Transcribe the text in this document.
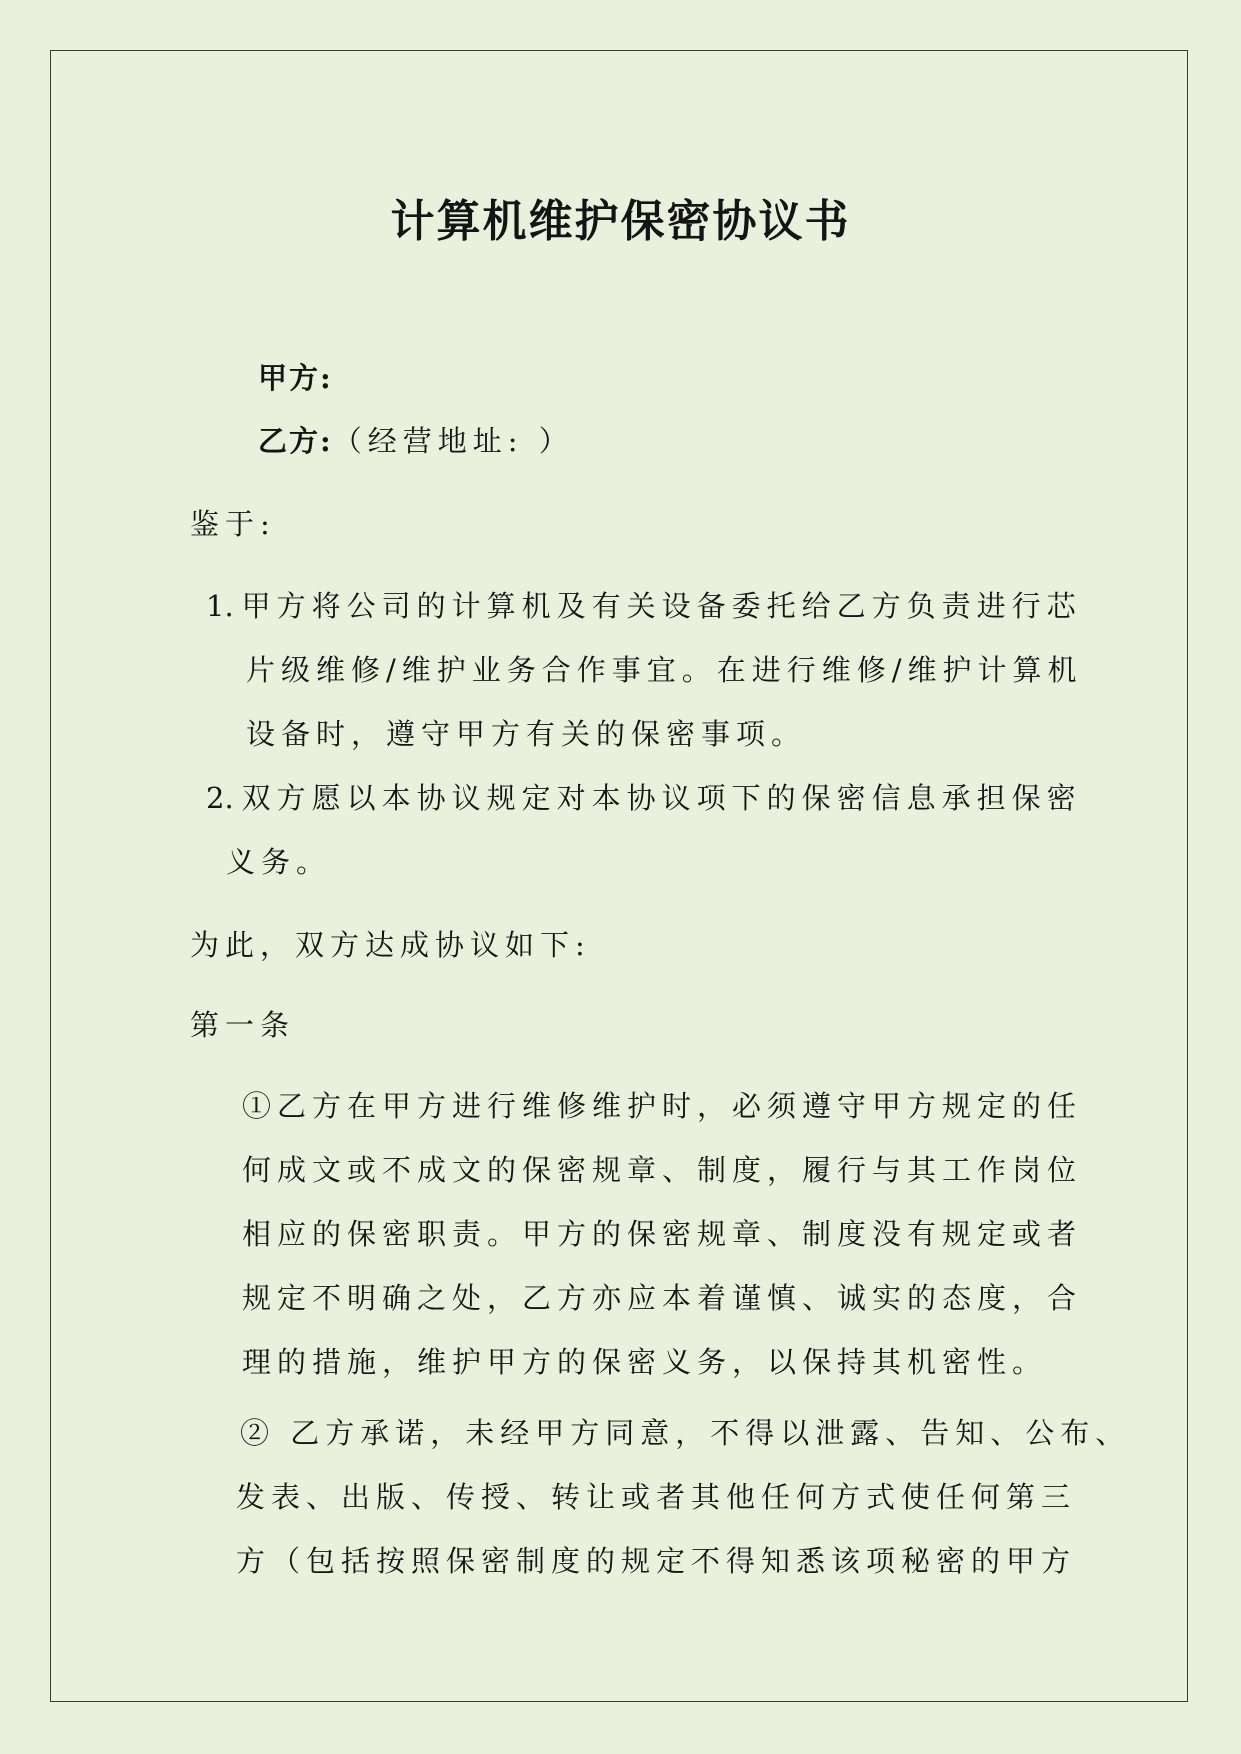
计算机维护保密协议书
甲方:
乙方:（经营地址: ）
鉴于:
1. 甲方将公司的计算机及有关设备委托给乙方负责进行芯
片级维修/维护业务合作事宜。在进行维修/维护计算机
设备时，遵守甲方有关的保密事项。
2. 双方愿以本协议规定对本协议项下的保密信息承担保密
义务。
为此，双方达成协议如下:
第一条
①乙方在甲方进行维修维护时，必须遵守甲方规定的任
何成文或不成文的保密规章、制度，履行与其工作岗位
相应的保密职责。甲方的保密规章、制度没有规定或者
规定不明确之处，乙方亦应本着谨慎、诚实的态度，合
理的措施，维护甲方的保密义务，以保持其机密性。
② 乙方承诺，未经甲方同意，不得以泄露、告知、公布、
发表、出版、传授、转让或者其他任何方式使任何第三
方（包括按照保密制度的规定不得知悉该项秘密的甲方
